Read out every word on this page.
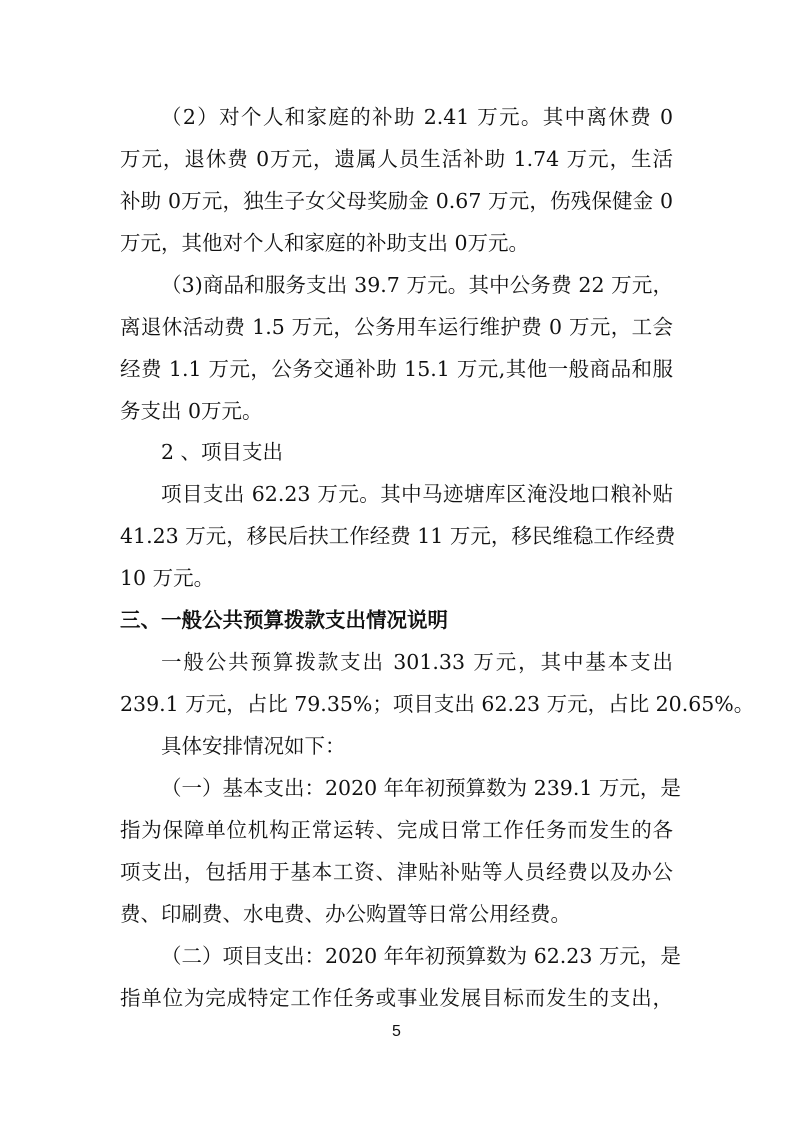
（2）对个人和家庭的补助 2.41 万元。其中离休费 0
万元，退休费 0万元，遗属人员生活补助 1.74 万元，生活
补助 0万元，独生子女父母奖励金 0.67 万元，伤残保健金 0
万元，其他对个人和家庭的补助支出 0万元。
（3)商品和服务支出 39.7 万元。其中公务费 22 万元，
离退休活动费 1.5 万元，公务用车运行维护费 0 万元，工会
经费 1.1 万元，公务交通补助 15.1 万元,其他一般商品和服
务支出 0万元。
2 、项目支出
项目支出 62.23 万元。其中马迹塘库区淹没地口粮补贴
41.23 万元，移民后扶工作经费 11 万元，移民维稳工作经费
10 万元。
三、一般公共预算拨款支出情况说明
一般公共预算拨款支出 301.33 万元，其中基本支出
239.1 万元，占比 79.35%；项目支出 62.23 万元，占比 20.65%。
具体安排情况如下：
（一）基本支出：2020 年年初预算数为 239.1 万元，是
指为保障单位机构正常运转、完成日常工作任务而发生的各
项支出，包括用于基本工资、津贴补贴等人员经费以及办公
费、印刷费、水电费、办公购置等日常公用经费。
（二）项目支出：2020 年年初预算数为 62.23 万元，是
指单位为完成特定工作任务或事业发展目标而发生的支出，
5
